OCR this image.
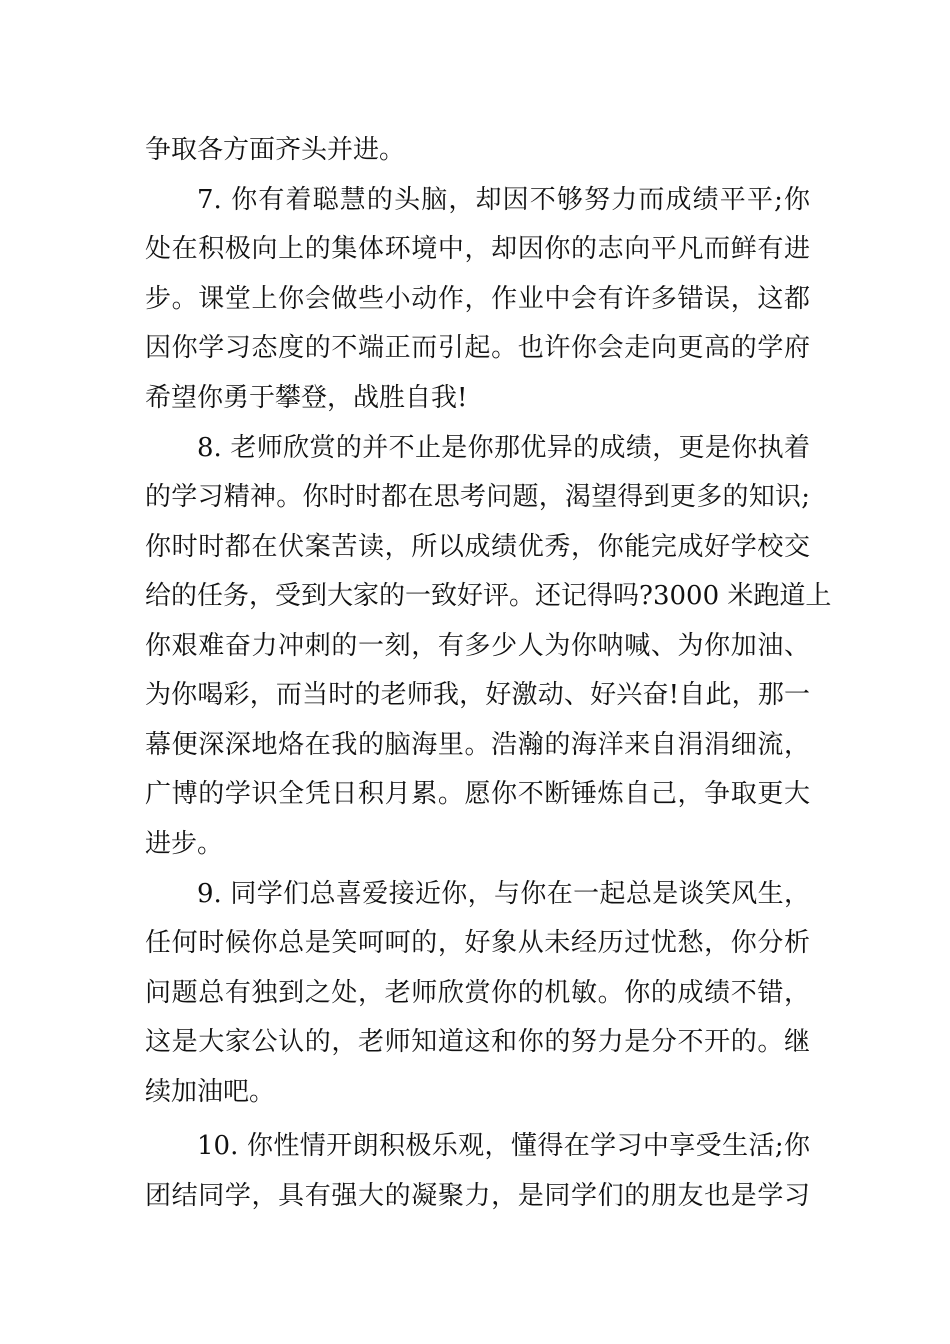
争取各方面齐头并进。
7. 你有着聪慧的头脑，却因不够努力而成绩平平;你
处在积极向上的集体环境中，却因你的志向平凡而鲜有进
步。课堂上你会做些小动作，作业中会有许多错误，这都
因你学习态度的不端正而引起。也许你会走向更高的学府
希望你勇于攀登，战胜自我!
8. 老师欣赏的并不止是你那优异的成绩，更是你执着
的学习精神。你时时都在思考问题，渴望得到更多的知识;
你时时都在伏案苦读，所以成绩优秀，你能完成好学校交
给的任务，受到大家的一致好评。还记得吗?3000 米跑道上
你艰难奋力冲刺的一刻，有多少人为你呐喊、为你加油、
为你喝彩，而当时的老师我，好激动、好兴奋!自此，那一
幕便深深地烙在我的脑海里。浩瀚的海洋来自涓涓细流，
广博的学识全凭日积月累。愿你不断锤炼自己，争取更大
进步。
9. 同学们总喜爱接近你，与你在一起总是谈笑风生，
任何时候你总是笑呵呵的，好象从未经历过忧愁，你分析
问题总有独到之处，老师欣赏你的机敏。你的成绩不错，
这是大家公认的，老师知道这和你的努力是分不开的。继
续加油吧。
10. 你性情开朗积极乐观，懂得在学习中享受生活;你
团结同学，具有强大的凝聚力，是同学们的朋友也是学习
